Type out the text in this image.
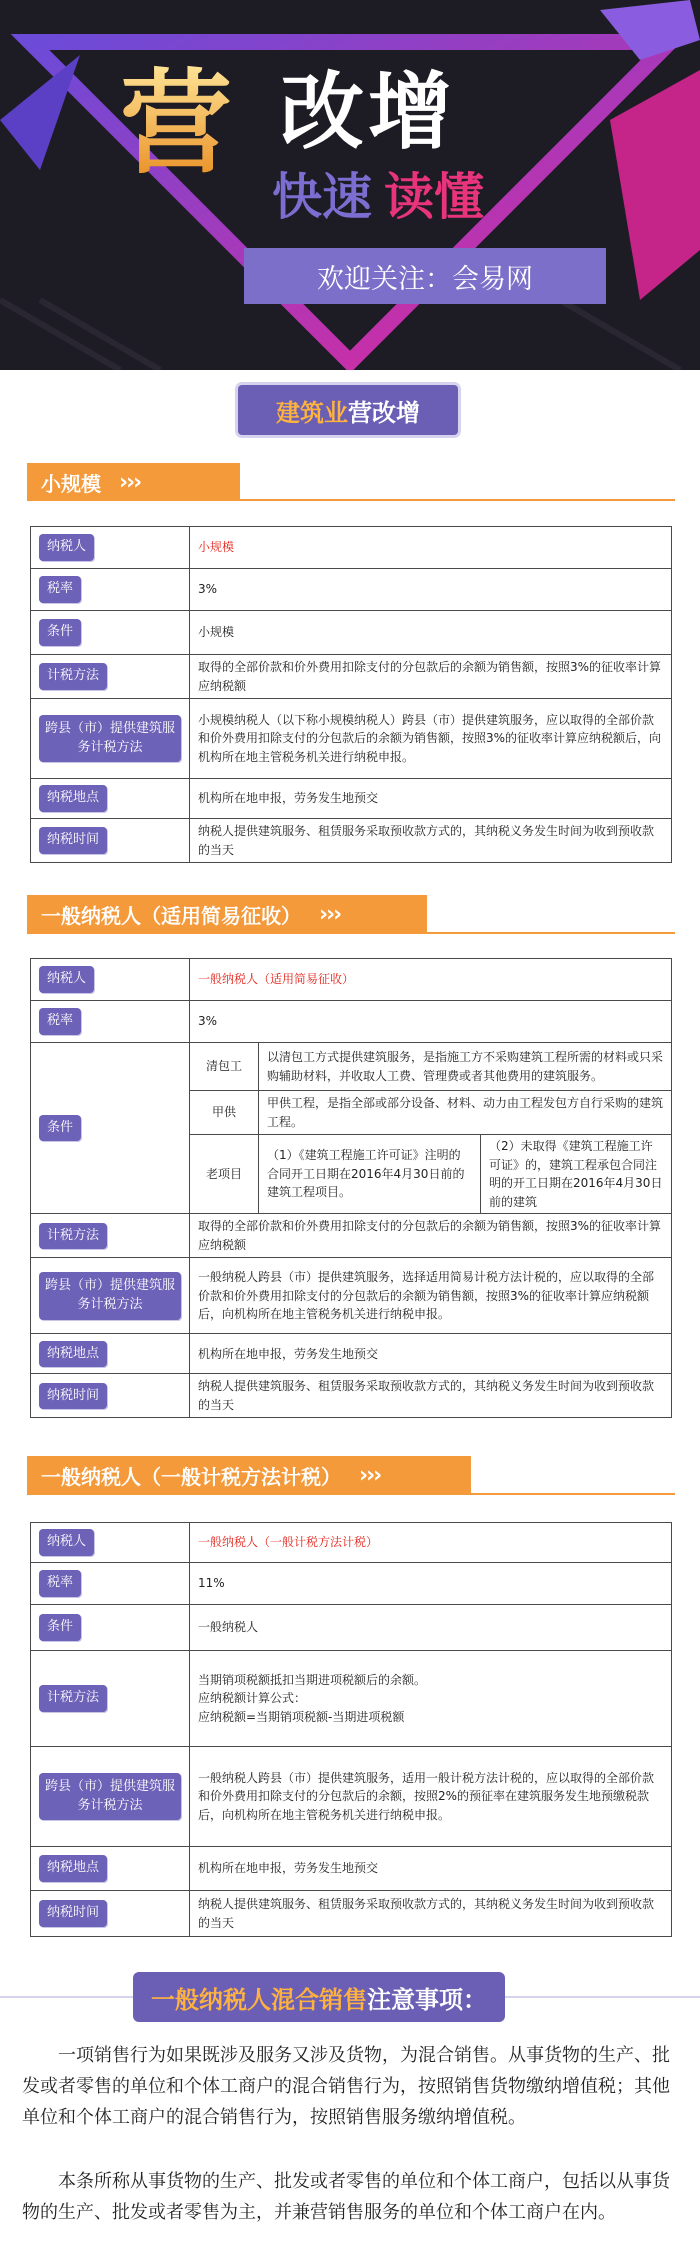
营 改增
快速 读懂
欢迎关注：会易网
建筑业 营改增
小规模 ›››
纳税人	小规模
税率	3%
条件	小规模
计税方法	取得的全部价款和价外费用扣除支付的分包款后的余额为销售额，按照3%的征收率计算应纳税额

跨县（市）提供建筑服务计税方法	小规模纳税人（以下称小规模纳税人）跨县（市）提供建筑服务，应以取得的全部价款和价外费用扣除支付的分包款后的余额为销售额，按照3%的征收率计算应纳税额后，向机构所在地主管税务机关进行纳税申报。
纳税地点	机构所在地申报，劳务发生地预交
纳税时间	纳税人提供建筑服务、租赁服务采取预收款方式的，其纳税义务发生时间为收到预收款的当天
一般纳税人（适用简易征收） ›››
纳税人	一般纳税人（适用简易征收）		
税率	3%		
条件	清包工	以清包工方式提供建筑服务，是指施工方不采购建筑工程所需的材料或只采购辅助材料，并收取人工费、管理费或者其他费用的建筑服务。	
	甲供	甲供工程，是指全部或部分设备、材料、动力由工程发包方自行采购的建筑工程。	
	老项目	（1）《建筑工程施工许可证》注明的合同开工日期在2016年4月30日前的建筑工程项目。	（2）未取得《建筑工程施工许可证》的，建筑工程承包合同注明的开工日期在2016年4月30日前的建筑
计税方法	取得的全部价款和价外费用扣除支付的分包款后的余额为销售额，按照3%的征收率计算应纳税额		

跨县（市）提供建筑服务计税方法	一般纳税人跨县（市）提供建筑服务，选择适用简易计税方法计税的，应以取得的全部价款和价外费用扣除支付的分包款后的余额为销售额，按照3%的征收率计算应纳税额后，向机构所在地主管税务机关进行纳税申报。		
纳税地点	机构所在地申报，劳务发生地预交		
纳税时间	纳税人提供建筑服务、租赁服务采取预收款方式的，其纳税义务发生时间为收到预收款的当天		
一般纳税人（一般计税方法计税） ›››
纳税人	一般纳税人（一般计税方法计税）
税率	11%
条件	一般纳税人
计税方法	当期销项税额抵扣当期进项税额后的余额。
应纳税额计算公式：
应纳税额=当期销项税额-当期进项税额

跨县（市）提供建筑服务计税方法	一般纳税人跨县（市）提供建筑服务，适用一般计税方法计税的，应以取得的全部价款和价外费用扣除支付的分包款后的余额，按照2%的预征率在建筑服务发生地预缴税款后，向机构所在地主管税务机关进行纳税申报。
纳税地点	机构所在地申报，劳务发生地预交
纳税时间	纳税人提供建筑服务、租赁服务采取预收款方式的，其纳税义务发生时间为收到预收款的当天
一般纳税人混合销售 注意事项：
一项销售行为如果既涉及服务又涉及货物，为混合销售。从事货物的生产、批发或者零售的单位和个体工商户的混合销售行为，按照销售货物缴纳增值税；其他单位和个体工商户的混合销售行为，按照销售服务缴纳增值税。
本条所称从事货物的生产、批发或者零售的单位和个体工商户，包括以从事货物的生产、批发或者零售为主，并兼营销售服务的单位和个体工商户在内。
